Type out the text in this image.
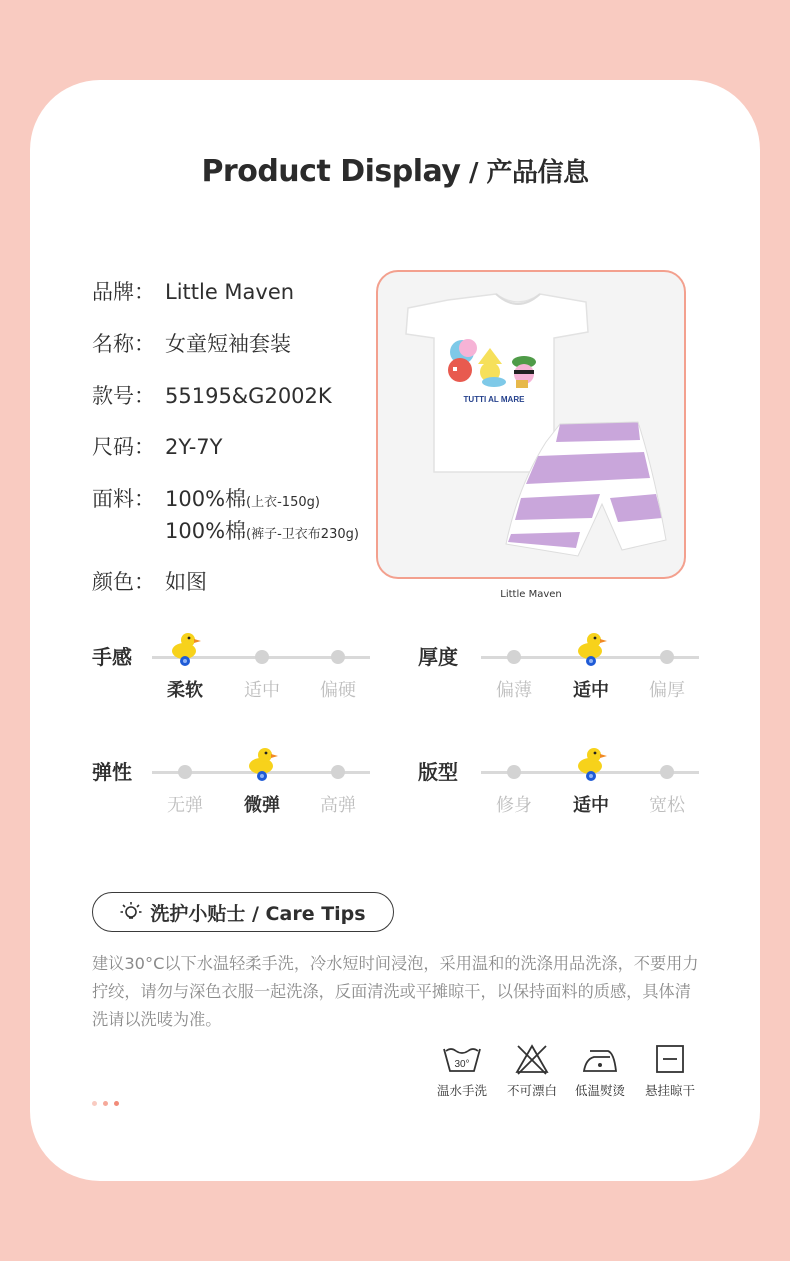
Product Display / 产品信息
品牌： Little Maven
名称： 女童短袖套装
款号： 55195&G2002K
尺码： 2Y-7Y
面料： 100%棉(上衣-150g)
100%棉(裤子-卫衣布230g)
颜色： 如图
TUTTI AL MARE
Little Maven
手感
柔软	适中	偏硬
厚度
偏薄	适中	偏厚
弹性
无弹	微弹	高弹
版型
修身	适中	宽松
洗护小贴士 / Care Tips
建议30°C以下水温轻柔手洗，冷水短时间浸泡，采用温和的洗涤用品洗涤，不要用力拧绞，请勿与深色衣服一起洗涤，反面清洗或平摊晾干，以保持面料的质感，具体清洗请以洗唛为准。
30°
温水手洗	不可漂白	低温熨烫	悬挂晾干
